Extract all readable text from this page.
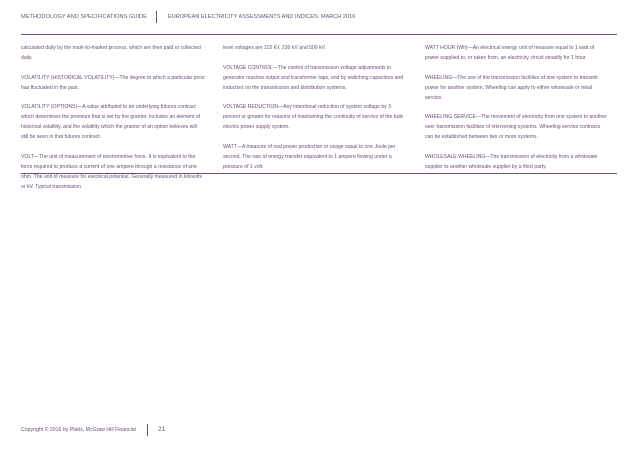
METHODOLOGY AND SPECIFICATIONS GUIDE	EUROPEAN ELECTRICITY ASSESSMENTS AND INDICES: MARCH 2016

calculated daily by the mark-to-market process, which are then paid or collected daily.

VOLATILITY (HISTORICAL VOLATILITY)—The degree to which a particular price has fluctuated in the past.

VOLATILITY (OPTIONS)—A value attributed to an underlying futures contract which determines the premium that is set by the grantor. Includes an element of historical volatility, and the volatility which the grantor of an option believes will still be seen in that futures contract.

VOLT—The unit of measurement of electromotive force. It is equivalent to the force required to produce a current of one ampere through a resistance of one ohm. The unit of measure for electrical potential. Generally measured in kilovolts or kV. Typical transmission

level voltages are 115 kV, 230 kV and 500 kV.

VOLTAGE CONTROL—The control of transmission voltage adjustments in generator reactive output and transformer taps, and by switching capacitors and inductors on the transmission and distribution systems.

VOLTAGE REDUCTION—Any intentional reduction of system voltage by 3 percent or greater for reasons of maintaining the continuity of service of the bulk electric power supply system.

WATT—A measure of real power production or usage equal to one Joule per second. The rate of energy transfer equivalent to 1 ampere flowing under a pressure of 1 volt.

WATT HOUR (Wh)—An electrical energy unit of measure equal to 1 watt of power supplied to, or taken from, an electricity circuit steadily for 1 hour.

WHEELING—The use of the transmission facilities of one system to transmit power for another system. Wheeling can apply to either wholesale or retail service.

WHEELING SERVICE—The movement of electricity from one system to another over transmission facilities of intervening systems. Wheeling service contracts can be established between two or more systems.

WHOLESALE WHEELING—The transmission of electricity from a wholesale supplier to another wholesale supplier by a third party.

Copyright © 2016 by Platts, McGraw Hill Financial	21
